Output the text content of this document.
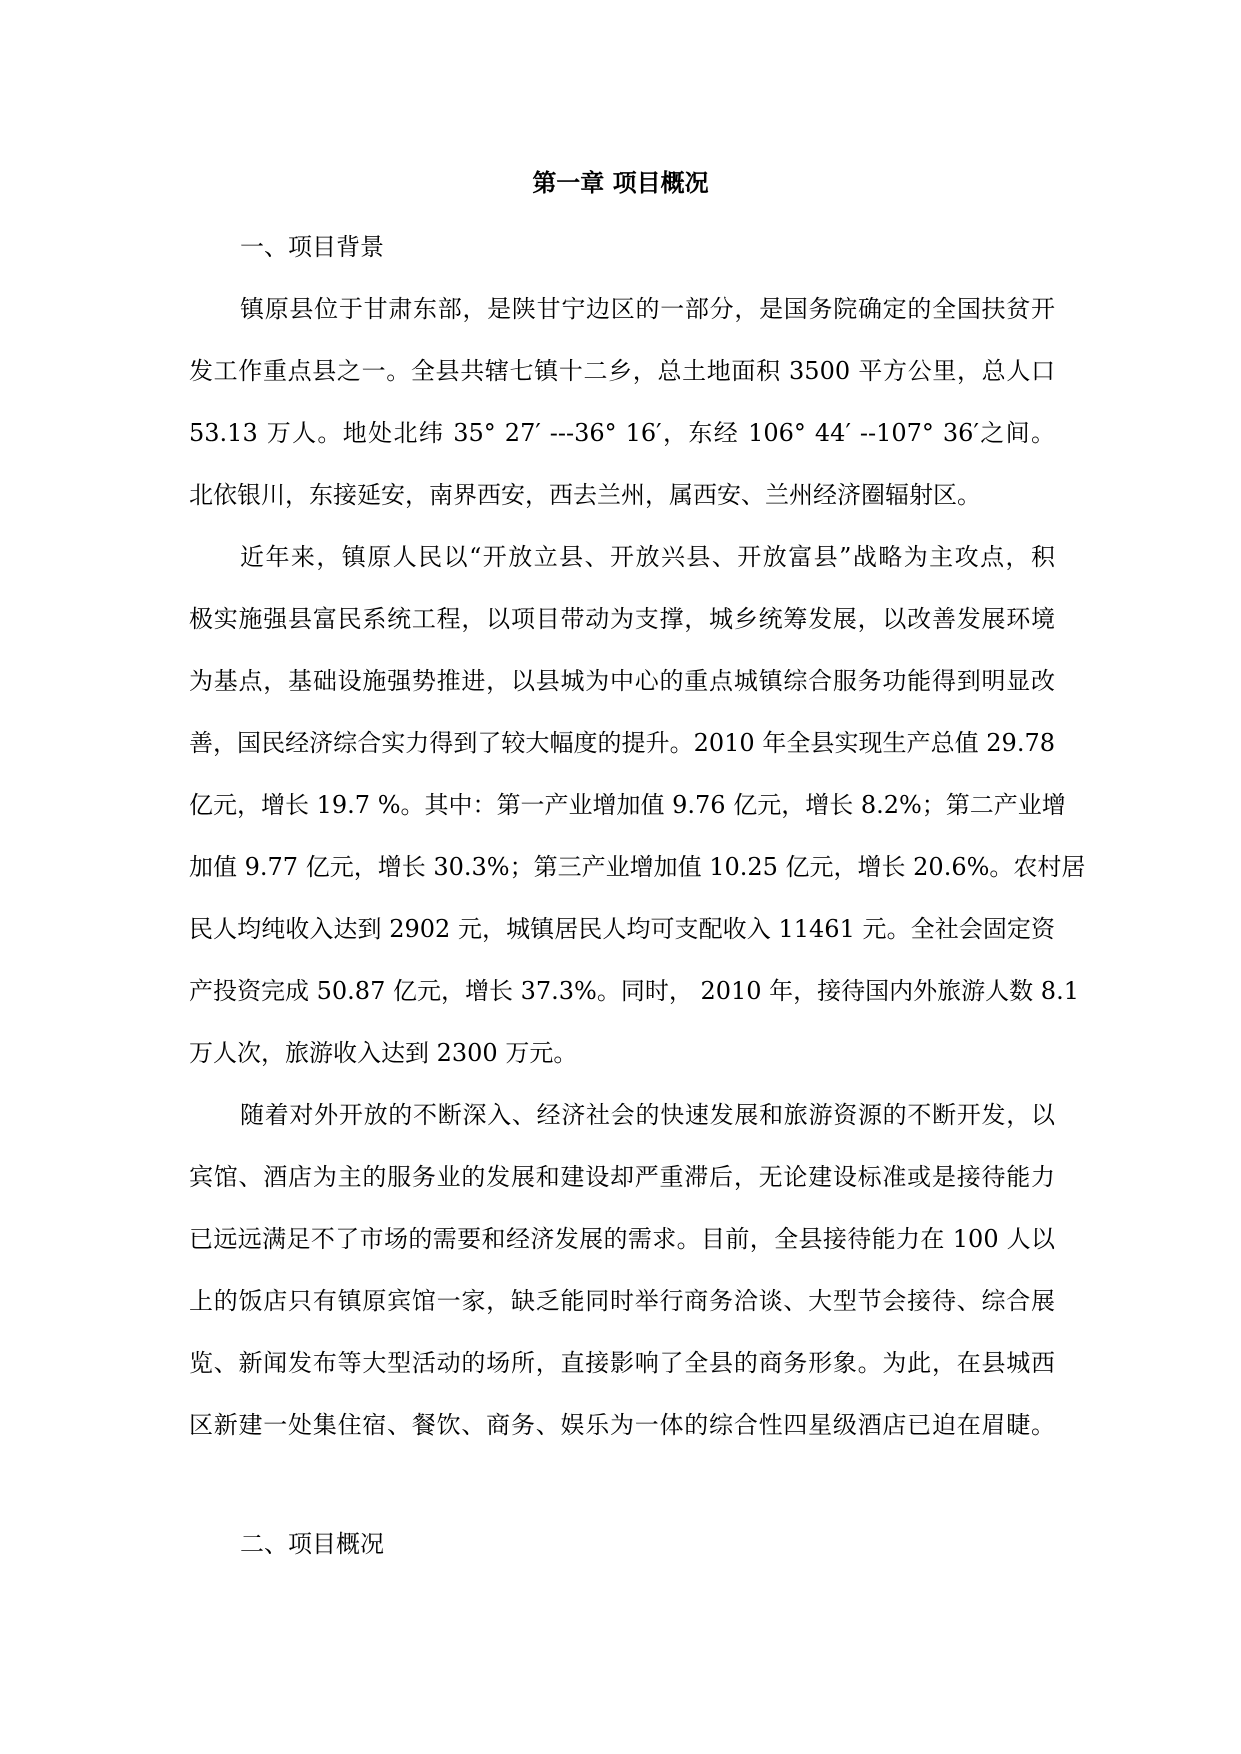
第一章 项目概况
一、项目背景
镇原县位于甘肃东部，是陕甘宁边区的一部分，是国务院确定的全国扶贫开
发工作重点县之一。全县共辖七镇十二乡，总土地面积 3500 平方公里，总人口
53.13 万人。地处北纬 35° 27′ ---36° 16′，东经 106° 44′ --107° 36′之间。
北依银川，东接延安，南界西安，西去兰州，属西安、兰州经济圈辐射区。
近年来，镇原人民以“开放立县、开放兴县、开放富县”战略为主攻点，积
极实施强县富民系统工程，以项目带动为支撑，城乡统筹发展，以改善发展环境
为基点，基础设施强势推进，以县城为中心的重点城镇综合服务功能得到明显改
善，国民经济综合实力得到了较大幅度的提升。2010 年全县实现生产总值 29.78
亿元，增长 19.7 %。其中：第一产业增加值 9.76 亿元，增长 8.2%；第二产业增
加值 9.77 亿元，增长 30.3%；第三产业增加值 10.25 亿元，增长 20.6%。农村居
民人均纯收入达到 2902 元，城镇居民人均可支配收入 11461 元。全社会固定资
产投资完成 50.87 亿元，增长 37.3%。同时， 2010 年，接待国内外旅游人数 8.1
万人次，旅游收入达到 2300 万元。
随着对外开放的不断深入、经济社会的快速发展和旅游资源的不断开发，以
宾馆、酒店为主的服务业的发展和建设却严重滞后，无论建设标准或是接待能力
已远远满足不了市场的需要和经济发展的需求。目前，全县接待能力在 100 人以
上的饭店只有镇原宾馆一家，缺乏能同时举行商务洽谈、大型节会接待、综合展
览、新闻发布等大型活动的场所，直接影响了全县的商务形象。为此，在县城西
区新建一处集住宿、餐饮、商务、娱乐为一体的综合性四星级酒店已迫在眉睫。
二、项目概况
